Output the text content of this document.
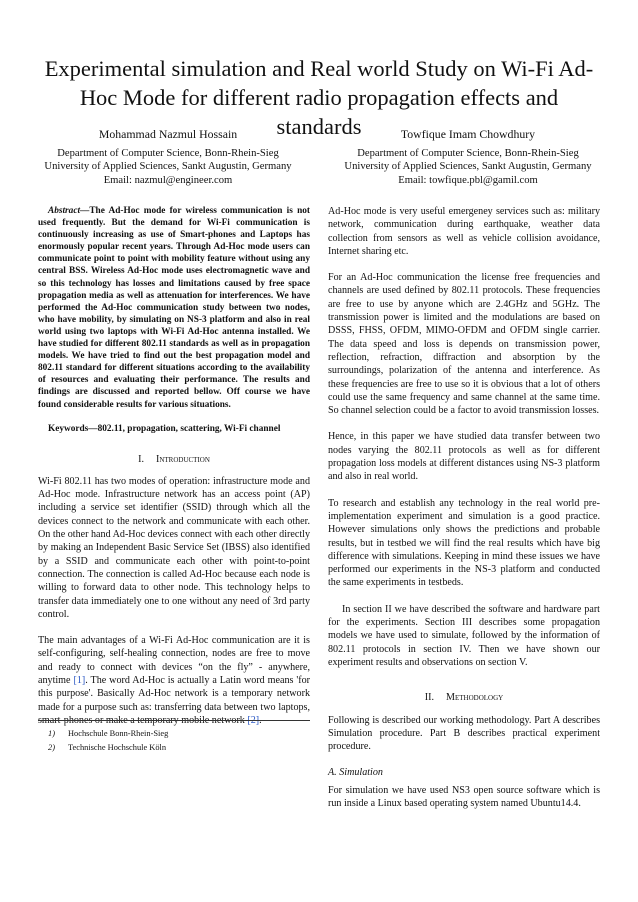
Experimental simulation and Real world Study on Wi-Fi Ad-Hoc Mode for different radio propagation effects and standards
Mohammad Nazmul Hossain
Department of Computer Science, Bonn-Rhein-Sieg
University of Applied Sciences, Sankt Augustin, Germany
Email: nazmul@engineer.com
Towfique Imam Chowdhury
Department of Computer Science, Bonn-Rhein-Sieg
University of Applied Sciences, Sankt Augustin, Germany
Email: towfique.pbl@gamil.com

Abstract—The Ad-Hoc mode for wireless communication is not used frequently. But the demand for Wi-Fi communication is continuously increasing as use of Smart-phones and Laptops has enormously popular recent years. Through Ad-Hoc mode users can communicate point to point with mobility feature without using any central BSS. Wireless Ad-Hoc mode uses electromagnetic wave and so this technology has losses and limitations caused by free space propagation media as well as attenuation for interferences. We have performed the Ad-Hoc communication study between two nodes, who have mobility, by simulating on NS-3 platform and also in real world using two laptops with Wi-Fi Ad-Hoc antenna installed. We have studied for different 802.11 standards as well as in propagation models. We have tried to find out the best propagation model and 802.11 standard for different situations according to the availability of resources and evaluating their performance. The results and findings are discussed and reported bellow. Off course we have found considerable results for various situations.

Keywords—802.11, propagation, scattering, Wi-Fi channel

I. Introduction

Wi-Fi 802.11 has two modes of operation: infrastructure mode and Ad-Hoc mode. Infrastructure network has an access point (AP) including a service set identifier (SSID) through which all the devices connect to the network and communicate with each other. On the other hand Ad-Hoc devices connect with each other directly by making an Independent Basic Service Set (IBSS) also identified by a SSID and communicate each other with point-to-point connection. The connection is called Ad-Hoc because each node is willing to forward data to other node. This technology helps to transfer data immediately one to one without any need of 3rd party control.

The main advantages of a Wi-Fi Ad-Hoc communication are it is self-configuring, self-healing connection, nodes are free to move and ready to connect with devices “on the fly” - anywhere, anytime [1]. The word Ad-Hoc is actually a Latin word means 'for this purpose'. Basically Ad-Hoc network is a temporary network made for a purpose such as: transferring data between two laptops, smart-phones or make a temporary mobile network [2].

1)	Hochschule Bonn-Rhein-Sieg
2)	Technische Hochschule Köln

Ad-Hoc mode is very useful emergeney services such as: military network, communication during earthquake, weather data collection from sensors as well as vehicle collision avoidance, Internet sharing etc.

For an Ad-Hoc communication the license free frequencies and channels are used defined by 802.11 protocols. These frequencies are free to use by anyone which are 2.4GHz and 5GHz. The transmission power is limited and the modulations are based on DSSS, FHSS, OFDM, MIMO-OFDM and OFDM single carrier. The data speed and loss is depends on transmission power, reflection, refraction, diffraction and absorption by the surroundings, polarization of the antenna and interference. As these frequencies are free to use so it is obvious that a lot of others could use the same frequency and same channel at the same time. So channel selection could be a factor to avoid transmission losses.

Hence, in this paper we have studied data transfer between two nodes varying the 802.11 protocols as well as for different propagation loss models at different distances using NS-3 platform and also in real world.

To research and establish any technology in the real world pre-implementation experiment and simulation is a good practice. However simulations only shows the predictions and probable results, but in testbed we will find the real results which have big difference with simulations. Keeping in mind these issues we have performed our experiments in the NS-3 platform and conducted the same experiments in testbeds.

In section II we have described the software and hardware part for the experiments. Section III describes some propagation models we have used to simulate, followed by the information of 802.11 protocols in section IV. Then we have shown our experiment results and observations on section V.

II. Methodology

Following is described our working methodology. Part A describes Simulation procedure. Part B describes practical experiment procedure.

A. Simulation

For simulation we have used NS3 open source software which is run inside a Linux based operating system named Ubuntu14.4.
